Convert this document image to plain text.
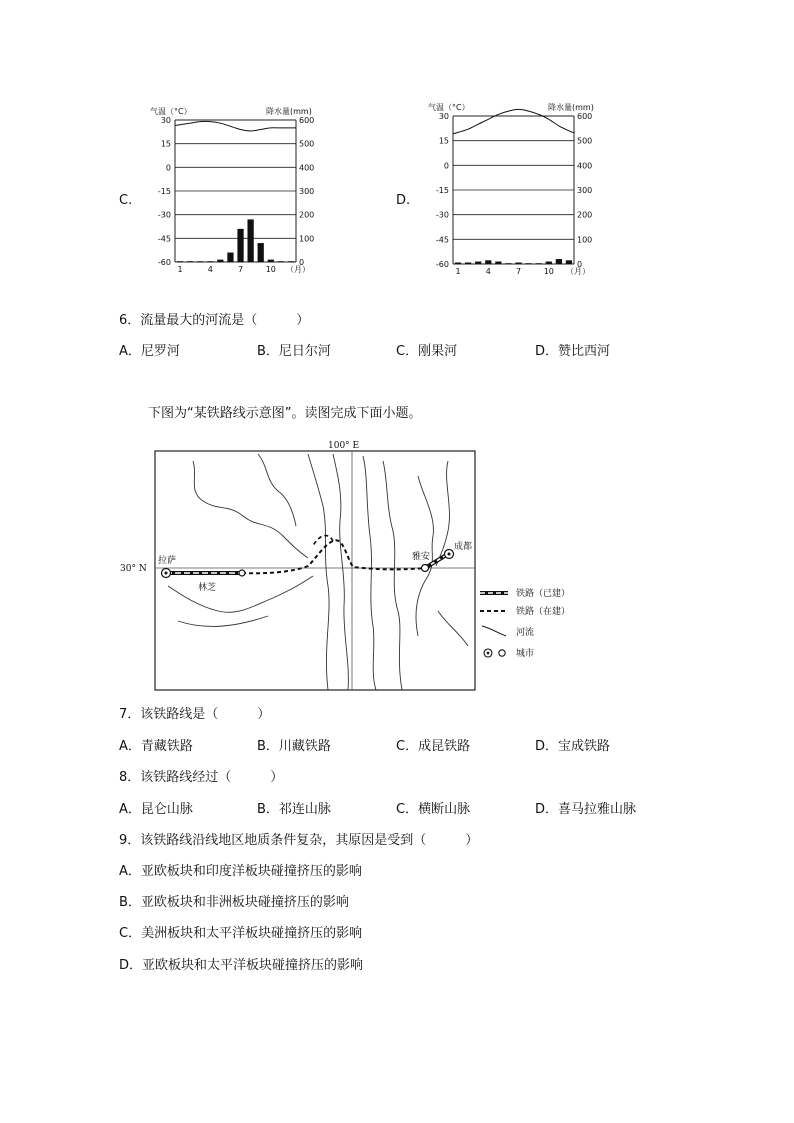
C.
气温（°C）	降水量(mm)
30
15
0
-15
-30
-45
-60
600
500
400
300
200
100
0
1	4	7	10 （月）
D.
气温（°C）	降水量(mm)
30
15
0
-15
-30
-45
-60
600
500
400
300
200
100
0
1	4	7	10 （月）
6．流量最大的河流是（　　　）
A．尼罗河	B．尼日尔河	C．刚果河	D．赞比西河
下图为“某铁路线示意图”。读图完成下面小题。
100° E
30° N
拉萨
林芝
雅安
成都
铁路（已建）
铁路（在建）
河流
城市
7．该铁路线是（　　　）
A．青藏铁路	B．川藏铁路	C．成昆铁路	D．宝成铁路
8．该铁路线经过（　　　）
A．昆仑山脉	B．祁连山脉	C．横断山脉	D．喜马拉雅山脉
9．该铁路线沿线地区地质条件复杂，其原因是受到（　　　）
A．亚欧板块和印度洋板块碰撞挤压的影响
B．亚欧板块和非洲板块碰撞挤压的影响
C．美洲板块和太平洋板块碰撞挤压的影响
D．亚欧板块和太平洋板块碰撞挤压的影响
